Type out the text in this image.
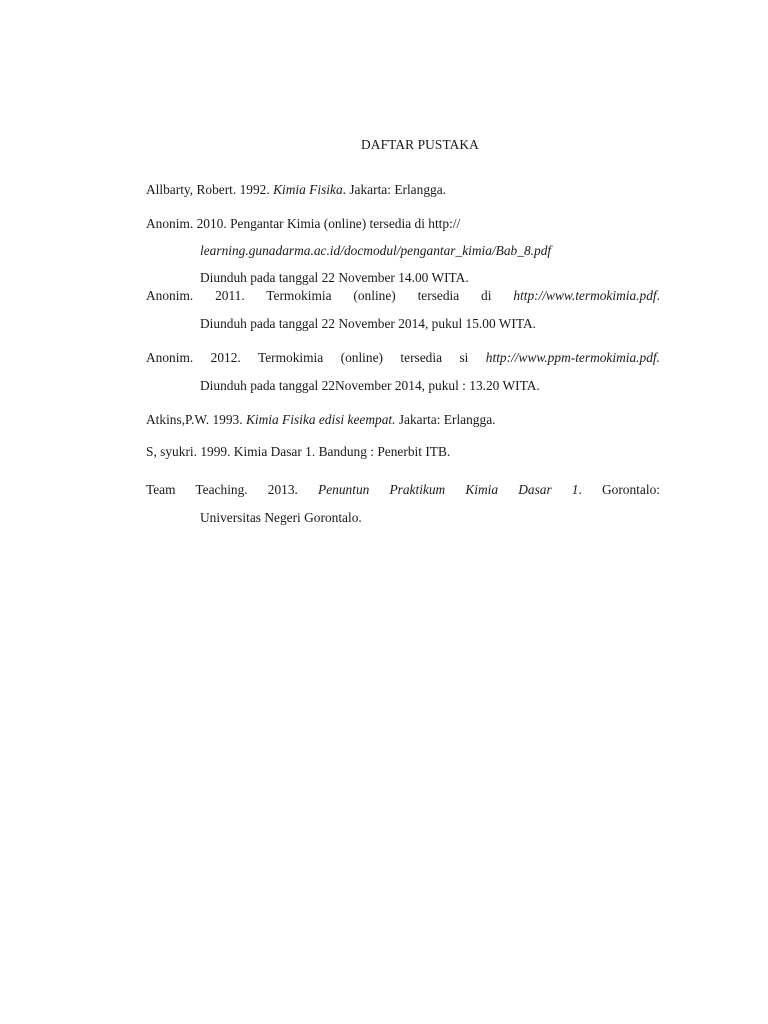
DAFTAR PUSTAKA
Allbarty, Robert. 1992. Kimia Fisika. Jakarta: Erlangga.
Anonim. 2010. Pengantar Kimia (online) tersedia di http://
learning.gunadarma.ac.id/docmodul/pengantar_kimia/Bab_8.pdf
Diunduh pada tanggal 22 November 14.00 WITA.
Anonim. 2011. Termokimia (online) tersedia di http://www.termokimia.pdf.
Diunduh pada tanggal 22 November 2014, pukul 15.00 WITA.
Anonim. 2012. Termokimia (online) tersedia si http://www.ppm-termokimia.pdf.
Diunduh pada tanggal 22November 2014, pukul : 13.20 WITA.
Atkins,P.W. 1993. Kimia Fisika edisi keempat. Jakarta: Erlangga.
S, syukri. 1999. Kimia Dasar 1. Bandung : Penerbit ITB.
Team Teaching. 2013. Penuntun Praktikum Kimia Dasar 1. Gorontalo:
Universitas Negeri Gorontalo.
